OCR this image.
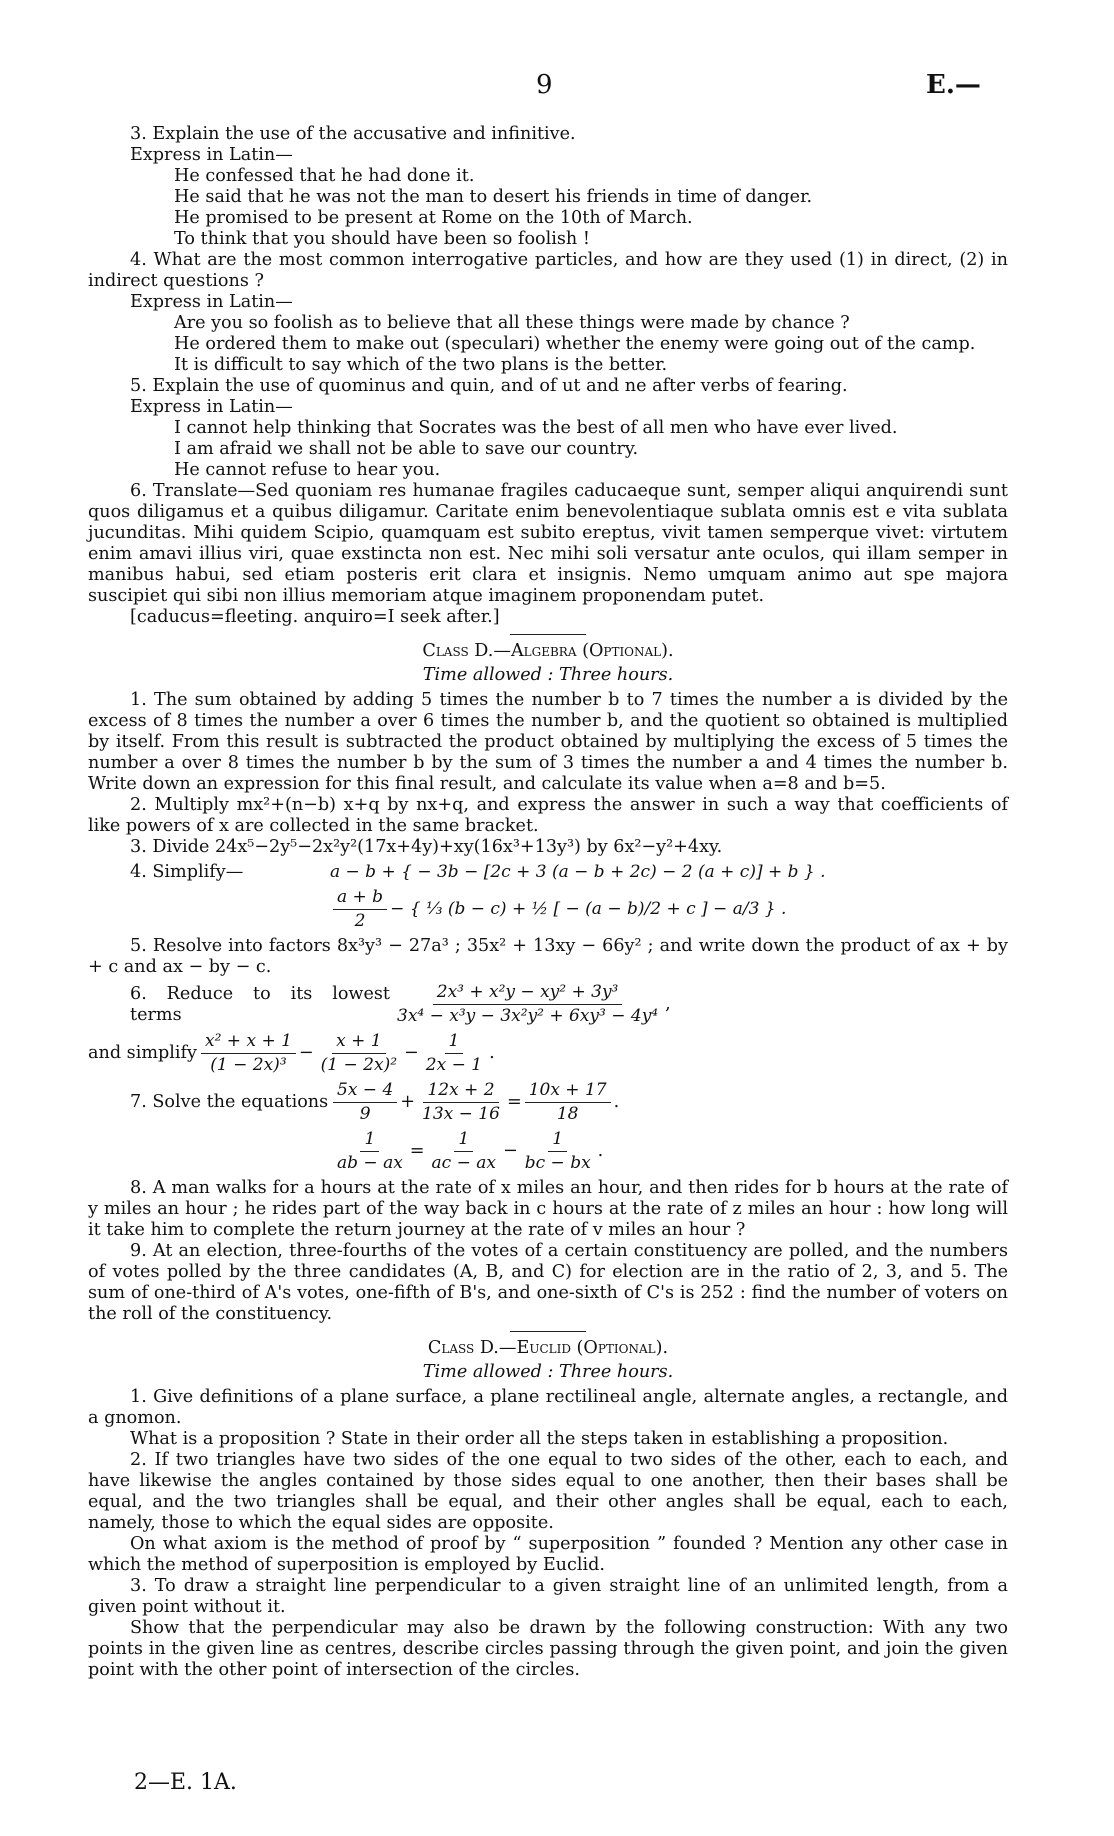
9	E.—

3. Explain the use of the accusative and infinitive.

Express in Latin—

He confessed that he had done it.

He said that he was not the man to desert his friends in time of danger.

He promised to be present at Rome on the 10th of March.

To think that you should have been so foolish !

4. What are the most common interrogative particles, and how are they used (1) in direct, (2) in indirect questions ?

Express in Latin—

Are you so foolish as to believe that all these things were made by chance ?

He ordered them to make out (speculari) whether the enemy were going out of the camp.

It is difficult to say which of the two plans is the better.

5. Explain the use of quominus and quin, and of ut and ne after verbs of fearing.

Express in Latin—

I cannot help thinking that Socrates was the best of all men who have ever lived.

I am afraid we shall not be able to save our country.

He cannot refuse to hear you.

6. Translate—Sed quoniam res humanae fragiles caducaeque sunt, semper aliqui anquirendi sunt quos diligamus et a quibus diligamur. Caritate enim benevolentiaque sublata omnis est e vita sublata jucunditas. Mihi quidem Scipio, quamquam est subito ereptus, vivit tamen semperque vivet: virtutem enim amavi illius viri, quae exstincta non est. Nec mihi soli versatur ante oculos, qui illam semper in manibus habui, sed etiam posteris erit clara et insignis. Nemo umquam animo aut spe majora suscipiet qui sibi non illius memoriam atque imaginem proponendam putet.

[caducus=fleeting. anquiro=I seek after.]

Class D.—Algebra (Optional).

Time allowed : Three hours.

1. The sum obtained by adding 5 times the number b to 7 times the number a is divided by the excess of 8 times the number a over 6 times the number b, and the quotient so obtained is multiplied by itself. From this result is subtracted the product obtained by multiplying the excess of 5 times the number a over 8 times the number b by the sum of 3 times the number a and 4 times the number b. Write down an expression for this final result, and calculate its value when a=8 and b=5.

2. Multiply mx²+(n−b) x+q by nx+q, and express the answer in such a way that coefficients of like powers of x are collected in the same bracket.

3. Divide 24x⁵−2y⁵−2x²y²(17x+4y)+xy(16x³+13y³) by 6x²−y²+4xy.

4. Simplify—	a − b + { − 3b − [2c + 3 (a − b + 2c) − 2 (a + c)] + b } .
$\frac{a + b}{2}$ − { ⅓ (b − c) + ½ [ − (a − b)/2 + c ] − a/3 } .

5. Resolve into factors 8x³y³ − 27a³ ; 35x² + 13xy − 66y² ; and write down the product of ax + by + c and ax − by − c.

6. Reduce to its lowest terms	$\frac{\text{2x³ + x²y − xy² + 3y³}}{\text{3x⁴ − x³y − 3x²y² + 6xy³ − 4y⁴}}$ ,
and simplify $\frac{\text{x² + x + 1}}{\text{(1 − 2x)³}} - \frac{x + 1}{\text{(1 − 2x)²}} - \frac{1}{2x - 1}$ .
7. Solve the equations $\frac{5x - 4}{9} + \frac{12x + 2}{13x - 16} = \frac{10x + 17}{18}$ .
$\frac{1}{ab - ax} = \frac{1}{ac - ax} - \frac{1}{bc - bx}$ .

8. A man walks for a hours at the rate of x miles an hour, and then rides for b hours at the rate of y miles an hour ; he rides part of the way back in c hours at the rate of z miles an hour : how long will it take him to complete the return journey at the rate of v miles an hour ?

9. At an election, three-fourths of the votes of a certain constituency are polled, and the numbers of votes polled by the three candidates (A, B, and C) for election are in the ratio of 2, 3, and 5. The sum of one-third of A's votes, one-fifth of B's, and one-sixth of C's is 252 : find the number of voters on the roll of the constituency.

Class D.—Euclid (Optional).

Time allowed : Three hours.

1. Give definitions of a plane surface, a plane rectilineal angle, alternate angles, a rectangle, and a gnomon.

What is a proposition ? State in their order all the steps taken in establishing a proposition.

2. If two triangles have two sides of the one equal to two sides of the other, each to each, and have likewise the angles contained by those sides equal to one another, then their bases shall be equal, and the two triangles shall be equal, and their other angles shall be equal, each to each, namely, those to which the equal sides are opposite.

On what axiom is the method of proof by “ superposition ” founded ? Mention any other case in which the method of superposition is employed by Euclid.

3. To draw a straight line perpendicular to a given straight line of an unlimited length, from a given point without it.

Show that the perpendicular may also be drawn by the following construction: With any two points in the given line as centres, describe circles passing through the given point, and join the given point with the other point of intersection of the circles.

2—E. 1A.
